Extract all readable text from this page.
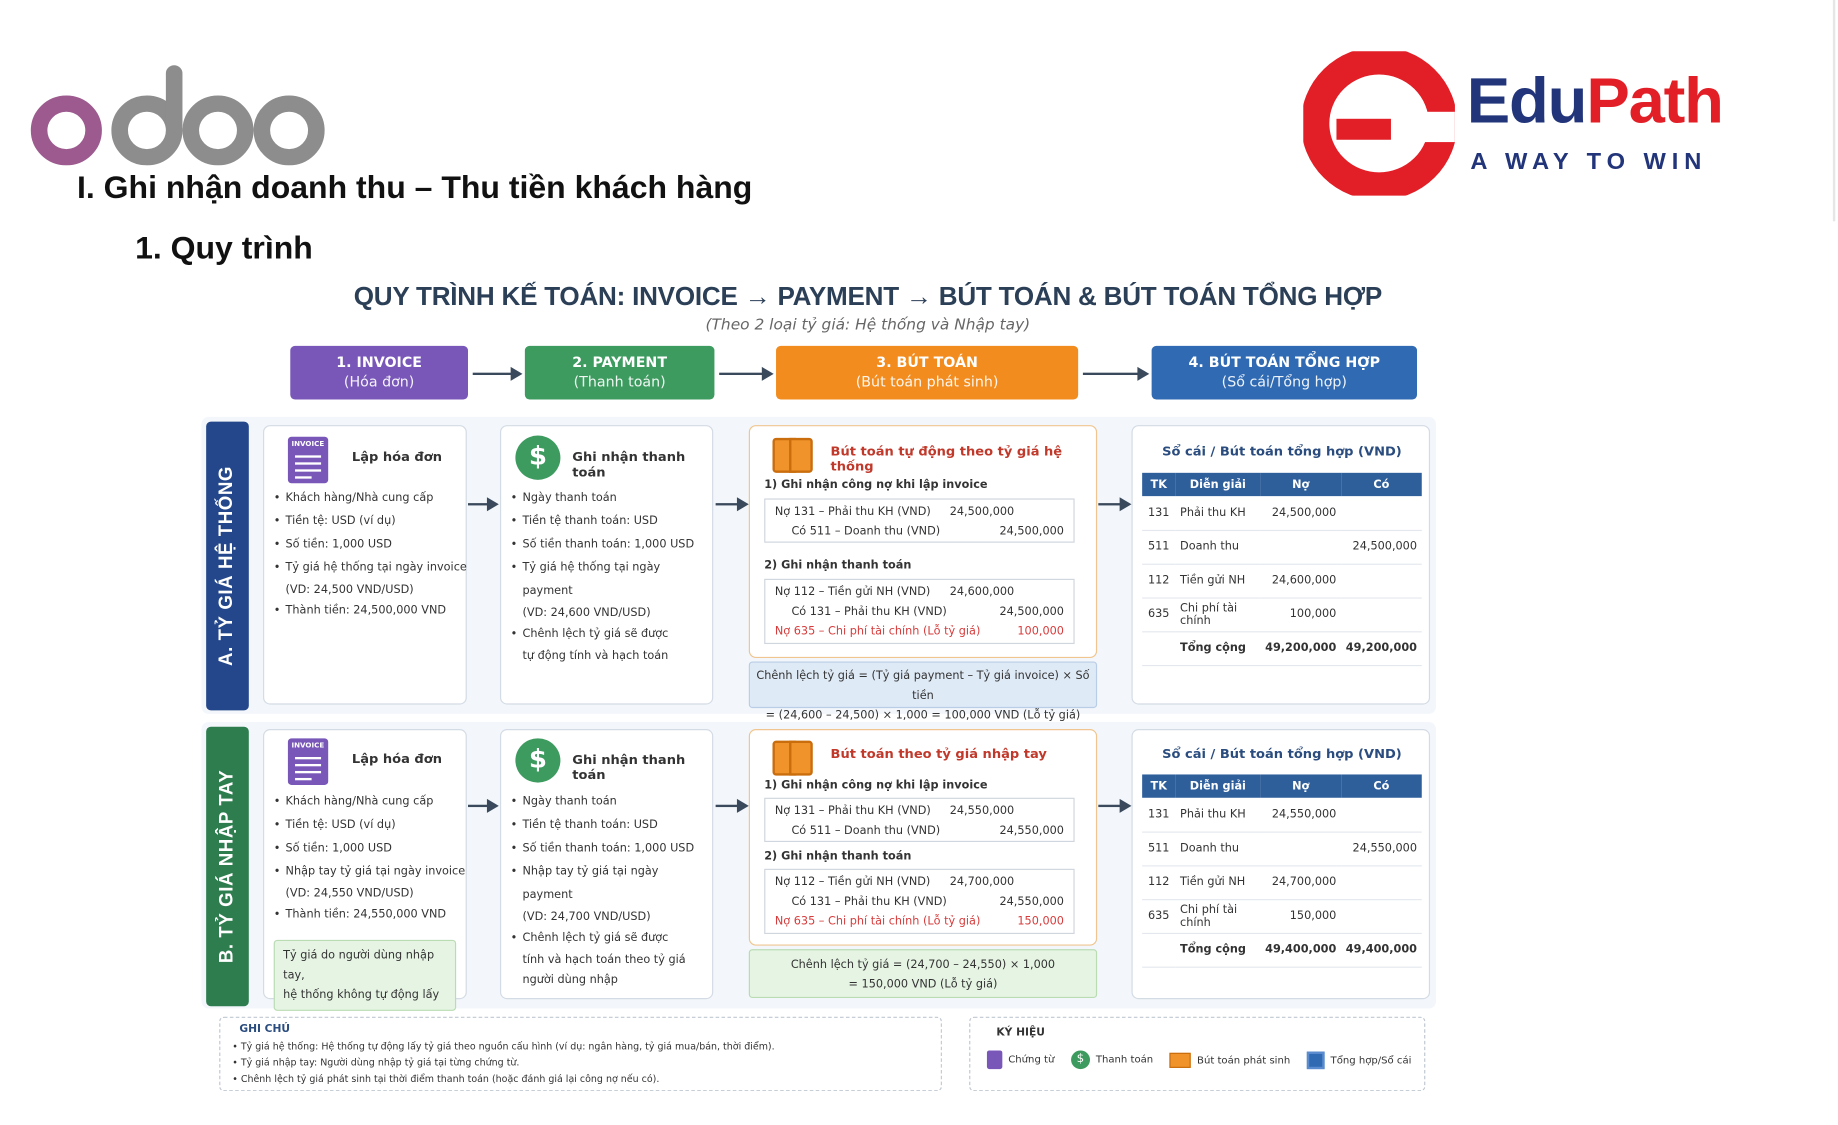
EduPath
A WAY TO WIN
I. Ghi nhận doanh thu – Thu tiền khách hàng
1. Quy trình
QUY TRÌNH KẾ TOÁN: INVOICE → PAYMENT → BÚT TOÁN & BÚT TOÁN TỔNG HỢP
(Theo 2 loại tỷ giá: Hệ thống và Nhập tay)
1. INVOICE
(Hóa đơn)
2. PAYMENT
(Thanh toán)
3. BÚT TOÁN
(Bút toán phát sinh)
4. BÚT TOÁN TỔNG HỢP
(Sổ cái/Tổng hợp)
A. TỶ GIÁ HỆ THỐNG
INVOICE
Lập hóa đơn
• Khách hàng/Nhà cung cấp
• Tiền tệ: USD (ví dụ)
• Số tiền: 1,000 USD
• Tỷ giá hệ thống tại ngày invoice
(VD: 24,500 VND/USD)
• Thành tiền: 24,500,000 VND
$	Ghi nhận thanh toán
• Ngày thanh toán
• Tiền tệ thanh toán: USD
• Số tiền thanh toán: 1,000 USD
• Tỷ giá hệ thống tại ngày payment
(VD: 24,600 VND/USD)
• Chênh lệch tỷ giá sẽ được
tự động tính và hạch toán
Bút toán tự động theo tỷ giá hệ thống
1) Ghi nhận công nợ khi lập invoice
Nợ 131 – Phải thu KH (VND) 24,500,000
Có 511 – Doanh thu (VND)	24,500,000
2) Ghi nhận thanh toán
Nợ 112 – Tiền gửi NH (VND) 24,600,000
Có 131 – Phải thu KH (VND)	24,500,000
Nợ 635 – Chi phí tài chính (Lỗ tỷ giá)	100,000
Chênh lệch tỷ giá = (Tỷ giá payment – Tỷ giá invoice) × Số tiền
= (24,600 – 24,500) × 1,000 = 100,000 VND (Lỗ tỷ giá)
Sổ cái / Bút toán tổng hợp (VND)
TK	Diễn giải	Nợ	Có
131	Phải thu KH	24,500,000	
511	Doanh thu		24,500,000
112	Tiền gửi NH	24,600,000	
635	Chi phí tài chính	100,000	
	Tổng cộng	49,200,000	49,200,000
B. TỶ GIÁ NHẬP TAY
INVOICE
Lập hóa đơn
• Khách hàng/Nhà cung cấp
• Tiền tệ: USD (ví dụ)
• Số tiền: 1,000 USD
• Nhập tay tỷ giá tại ngày invoice
(VD: 24,550 VND/USD)
• Thành tiền: 24,550,000 VND
Tỷ giá do người dùng nhập tay,
hệ thống không tự động lấy
$	Ghi nhận thanh toán
• Ngày thanh toán
• Tiền tệ thanh toán: USD
• Số tiền thanh toán: 1,000 USD
• Nhập tay tỷ giá tại ngày payment
(VD: 24,700 VND/USD)
• Chênh lệch tỷ giá sẽ được
tính và hạch toán theo tỷ giá
người dùng nhập
Bút toán theo tỷ giá nhập tay
1) Ghi nhận công nợ khi lập invoice
Nợ 131 – Phải thu KH (VND) 24,550,000
Có 511 – Doanh thu (VND)	24,550,000
2) Ghi nhận thanh toán
Nợ 112 – Tiền gửi NH (VND) 24,700,000
Có 131 – Phải thu KH (VND)	24,550,000
Nợ 635 – Chi phí tài chính (Lỗ tỷ giá)	150,000
Chênh lệch tỷ giá = (24,700 – 24,550) × 1,000
= 150,000 VND (Lỗ tỷ giá)
Sổ cái / Bút toán tổng hợp (VND)
TK	Diễn giải	Nợ	Có
131	Phải thu KH	24,550,000	
511	Doanh thu		24,550,000
112	Tiền gửi NH	24,700,000	
635	Chi phí tài chính	150,000	
	Tổng cộng	49,400,000	49,400,000
GHI CHÚ
• Tỷ giá hệ thống: Hệ thống tự động lấy tỷ giá theo nguồn cấu hình (ví dụ: ngân hàng, tỷ giá mua/bán, thời điểm).
• Tỷ giá nhập tay: Người dùng nhập tỷ giá tại từng chứng từ.
• Chênh lệch tỷ giá phát sinh tại thời điểm thanh toán (hoặc đánh giá lại công nợ nếu có).
KÝ HIỆU
Chứng từ	$ Thanh toán	Bút toán phát sinh	Tổng hợp/Sổ cái
